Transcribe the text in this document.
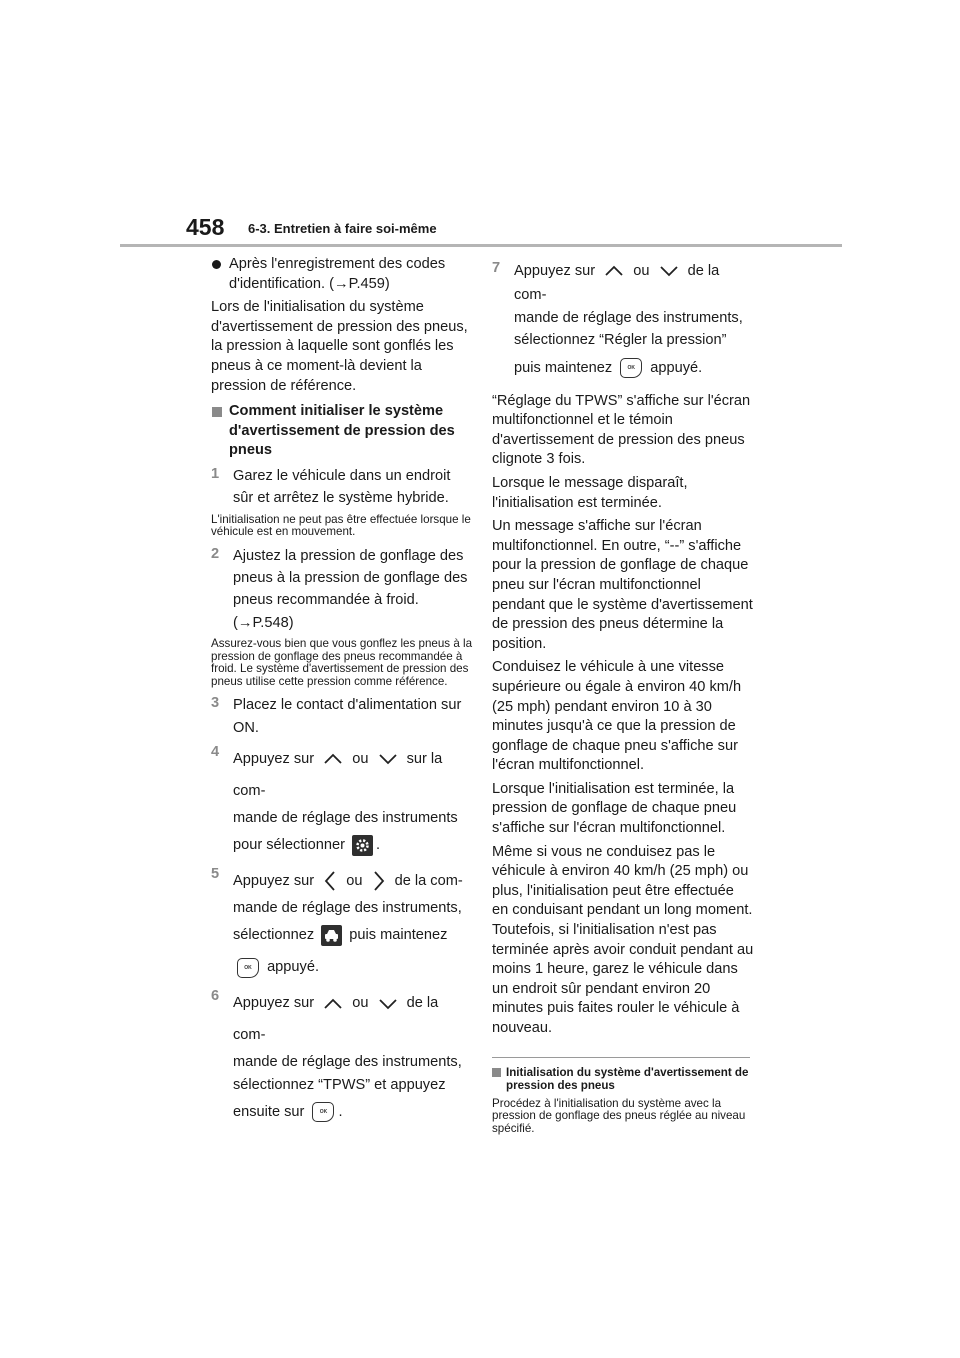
458 6-3. Entretien à faire soi-même
Après l'enregistrement des codes d'identification. (→P.459)

Lors de l'initialisation du système d'avertissement de pression des pneus, la pression à laquelle sont gonflés les pneus à ce moment-là devient la pression de référence.

Comment initialiser le système d'avertissement de pression des pneus
1 Garez le véhicule dans un endroit
sûr et arrêtez le système hybride.

L'initialisation ne peut pas être effectuée lorsque le véhicule est en mouvement.

2 Ajustez la pression de gonflage des
pneus à la pression de gonflage des
pneus recommandée à froid.
(→P.548)

Assurez-vous bien que vous gonflez les pneus à la pression de gonflage des pneus recommandée à froid. Le système d'avertissement de pression des pneus utilise cette pression comme référence.

3 Placez le contact d'alimentation sur
ON.
4 Appuyez sur	ou	sur la com-
mande de réglage des instruments
pour sélectionner .
5 Appuyez sur ou de la com-
mande de réglage des instruments,
sélectionnez puis maintenez
OK appuyé.
6 Appuyez sur	ou	de la com-
mande de réglage des instruments,
sélectionnez “TPWS” et appuyez
ensuite sur	OK .
7 Appuyez sur	ou	de la com-
mande de réglage des instruments,
sélectionnez “Régler la pression”
puis maintenez	OK appuyé.

“Réglage du TPWS” s'affiche sur l'écran multifonctionnel et le témoin d'avertissement de pression des pneus clignote 3 fois.

Lorsque le message disparaît, l'initialisation est terminée.

Un message s'affiche sur l'écran multifonctionnel. En outre, “--” s'affiche pour la pression de gonflage de chaque pneu sur l'écran multifonctionnel pendant que le système d'avertissement de pression des pneus détermine la position.

Conduisez le véhicule à une vitesse supérieure ou égale à environ 40 km/h (25 mph) pendant environ 10 à 30 minutes jusqu'à ce que la pression de gonflage de chaque pneu s'affiche sur l'écran multifonctionnel.

Lorsque l'initialisation est terminée, la pression de gonflage de chaque pneu s'affiche sur l'écran multifonctionnel.

Même si vous ne conduisez pas le véhicule à environ 40 km/h (25 mph) ou plus, l'initialisation peut être effectuée en conduisant pendant un long moment. Toutefois, si l'initialisation n'est pas terminée après avoir conduit pendant au moins 1 heure, garez le véhicule dans un endroit sûr pendant environ 20 minutes puis faites rouler le véhicule à nouveau.

Initialisation du système d'avertissement de pression des pneus
Procédez à l'initialisation du système avec la pression de gonflage des pneus réglée au niveau spécifié.
